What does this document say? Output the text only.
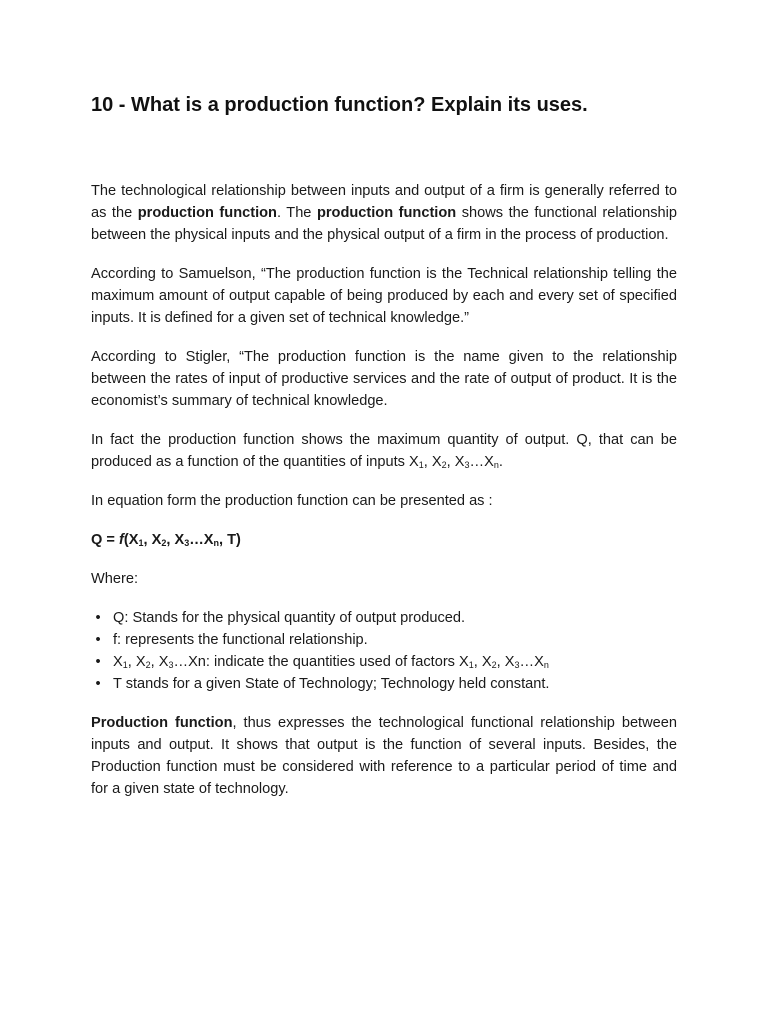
10 - What is a production function? Explain its uses.

The technological relationship between inputs and output of a firm is generally referred to as the production function. The production function shows the functional relationship between the physical inputs and the physical output of a firm in the process of production.

According to Samuelson, “The production function is the Technical relationship telling the maximum amount of output capable of being produced by each and every set of specified inputs. It is defined for a given set of technical knowledge.”

According to Stigler, “The production function is the name given to the relationship between the rates of input of productive services and the rate of output of product. It is the economist’s summary of technical knowledge.

In fact the production function shows the maximum quantity of output. Q, that can be produced as a function of the quantities of inputs $X_1$, $X_2$, $X_3\dots X_n$.

In equation form the production function can be presented as :

$Q = f(X_1$, $X_2$, $X_3\dots X_n$, T)

Where:

• Q: Stands for the physical quantity of output produced.
• f: represents the functional relationship.
• $X_1$, $X_2$, $X_3\dots Xn$: indicate the quantities used of factors $X_1$, $X_2$, $X_3\dots X_n$
• T stands for a given State of Technology; Technology held constant.

Production function, thus expresses the technological functional relationship between inputs and output. It shows that output is the function of several inputs. Besides, the Production function must be considered with reference to a particular period of time and for a given state of technology.
